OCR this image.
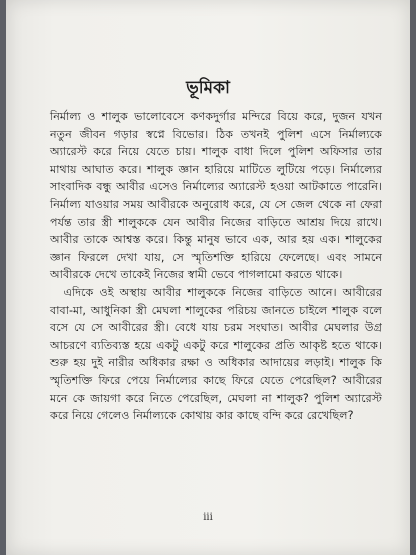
ভূমিকা

নির্মাল্য ও শালুক ভালোবেসে কণকদুর্গার মন্দিরে বিয়ে করে, দুজন যখন নতুন জীবন গড়ার স্বপ্নে বিভোর। ঠিক তখনই পুলিশ এসে নির্মাল্যকে অ্যারেস্ট করে নিয়ে যেতে চায়। শালুক বাধা দিলে পুলিশ অফিসার তার মাথায় আঘাত করে। শালুক জ্ঞান হারিয়ে মাটিতে লুটিয়ে পড়ে। নির্মাল্যের সাংবাদিক বন্ধু আবীর এসেও নির্মাল্যের অ্যারেস্ট হওয়া আটকাতে পারেনি। নির্মাল্য যাওয়ার সময় আবীরকে অনুরোধ করে, যে সে জেল থেকে না ফেরা পর্যন্ত তার স্ত্রী শালুককে যেন আবীর নিজের বাড়িতে আশ্রয় দিয়ে রাখে। আবীর তাকে আশ্বস্ত করে। কিন্তু মানুষ ভাবে এক, আর হয় এক। শালুকের জ্ঞান ফিরলে দেখা যায়, সে স্মৃতিশক্তি হারিয়ে ফেলেছে। এবং সামনে আবীরকে দেখে তাকেই নিজের স্বামী ভেবে পাগলামো করতে থাকে।

এদিকে ওই অস্থায় আবীর শালুককে নিজের বাড়িতে আনে। আবীরের বাবা-মা, আধুনিকা স্ত্রী মেঘলা শালুকের পরিচয় জানতে চাইলে শালুক বলে বসে যে সে আবীরের স্ত্রী। বেধে যায় চরম সংঘাত। আবীর মেঘলার উগ্র আচরণে ব্যতিব্যস্ত হয়ে একটু একটু করে শালুকের প্রতি আকৃষ্ট হতে থাকে। শুরু হয় দুই নারীর অধিকার রক্ষা ও অধিকার আদায়ের লড়াই। শালুক কি স্মৃতিশক্তি ফিরে পেয়ে নির্মাল্যের কাছে ফিরে যেতে পেরেছিল? আবীরের মনে কে জায়গা করে নিতে পেরেছিল, মেঘলা না শালুক? পুলিশ অ্যারেস্ট করে নিয়ে গেলেও নির্মাল্যকে কোথায় কার কাছে বন্দি করে রেখেছিল?

iii
